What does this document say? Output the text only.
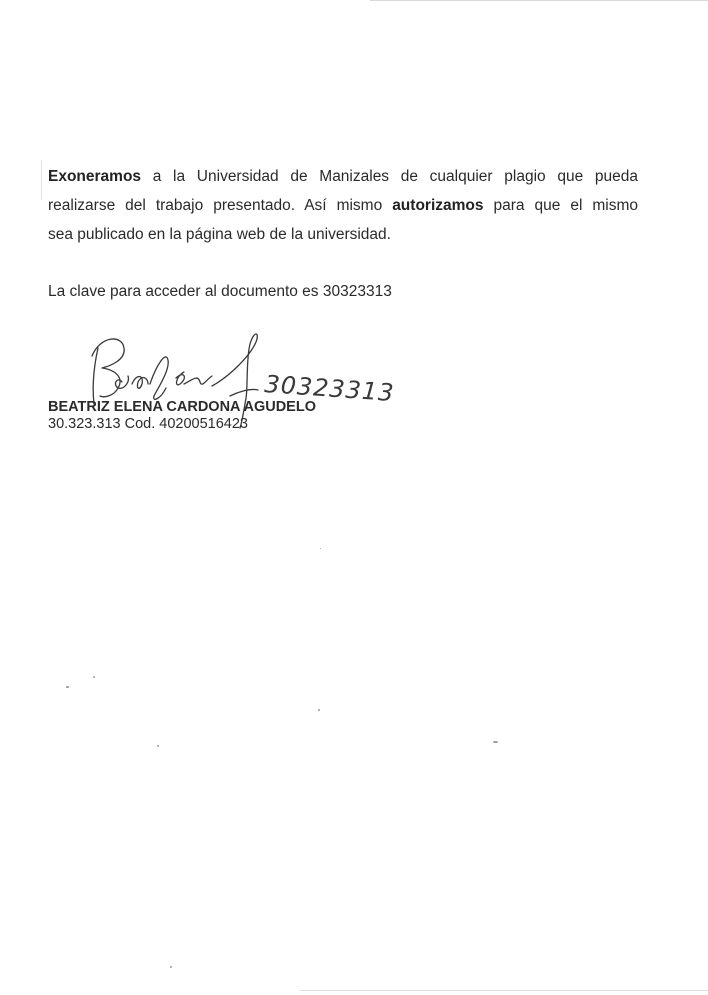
Exoneramos a la Universidad de Manizales de cualquier plagio que pueda
realizarse del trabajo presentado. Así mismo autorizamos para que el mismo
sea publicado en la página web de la universidad.

La clave para acceder al documento es 30323313

30323313

BEATRIZ ELENA CARDONA AGUDELO

30.323.313 Cod. 40200516423
